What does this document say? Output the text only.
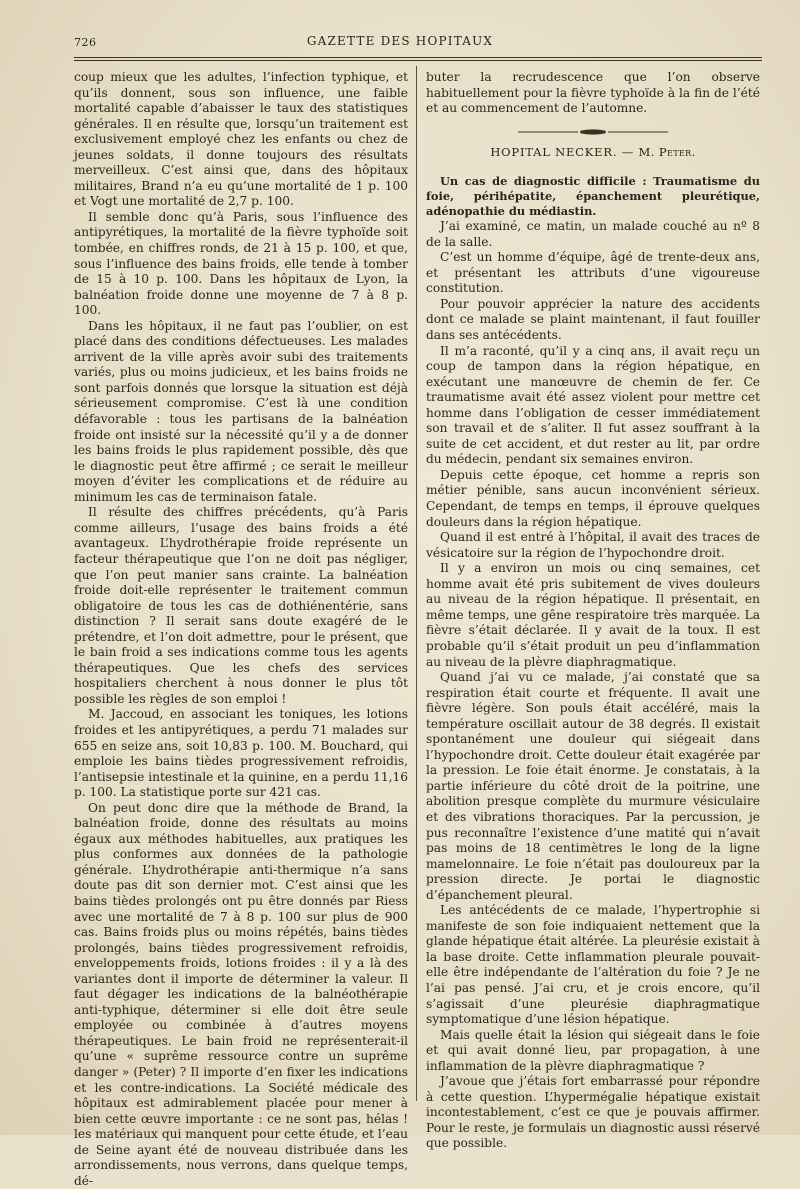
726	GAZETTE DES HOPITAUX

coup mieux que les adultes, l’infection typhique, et qu’ils donnent, sous son influence, une faible mortalité capable d’abaisser le taux des statistiques générales. Il en résulte que, lorsqu’un traitement est exclusivement employé chez les enfants ou chez de jeunes soldats, il donne toujours des résultats merveilleux. C’est ainsi que, dans des hôpitaux militaires, Brand n’a eu qu’une mortalité de 1 p. 100 et Vogt une mortalité de 2,7 p. 100.

Il semble donc qu’à Paris, sous l’influence des antipyrétiques, la mortalité de la fièvre typhoïde soit tombée, en chiffres ronds, de 21 à 15 p. 100, et que, sous l’influence des bains froids, elle tende à tomber de 15 à 10 p. 100. Dans les hôpitaux de Lyon, la balnéation froide donne une moyenne de 7 à 8 p. 100.

Dans les hôpitaux, il ne faut pas l’oublier, on est placé dans des conditions défectueuses. Les malades arrivent de la ville après avoir subi des traitements variés, plus ou moins judicieux, et les bains froids ne sont parfois donnés que lorsque la situation est déjà sérieusement compromise. C’est là une condition défavorable : tous les partisans de la balnéation froide ont insisté sur la nécessité qu’il y a de donner les bains froids le plus rapidement possible, dès que le diagnostic peut être affirmé ; ce serait le meilleur moyen d’éviter les complications et de réduire au minimum les cas de terminaison fatale.

Il résulte des chiffres précédents, qu’à Paris comme ailleurs, l’usage des bains froids a été avantageux. L’hydrothérapie froide représente un facteur thérapeutique que l’on ne doit pas négliger, que l’on peut manier sans crainte. La balnéation froide doit-elle représenter le traitement commun obligatoire de tous les cas de dothiénentérie, sans distinction ? Il serait sans doute exagéré de le prétendre, et l’on doit admettre, pour le présent, que le bain froid a ses indications comme tous les agents thérapeutiques. Que les chefs des services hospitaliers cherchent à nous donner le plus tôt possible les règles de son emploi !

M. Jaccoud, en associant les toniques, les lotions froides et les antipyrétiques, a perdu 71 malades sur 655 en seize ans, soit 10,83 p. 100. M. Bouchard, qui emploie les bains tièdes progressivement refroidis, l’antisepsie intestinale et la quinine, en a perdu 11,16 p. 100. La statistique porte sur 421 cas.

On peut donc dire que la méthode de Brand, la balnéation froide, donne des résultats au moins égaux aux méthodes habituelles, aux pratiques les plus conformes aux données de la pathologie générale. L’hydrothérapie anti-thermique n’a sans doute pas dit son dernier mot. C’est ainsi que les bains tièdes prolongés ont pu être donnés par Riess avec une mortalité de 7 à 8 p. 100 sur plus de 900 cas. Bains froids plus ou moins répétés, bains tièdes prolongés, bains tièdes progressivement refroidis, enveloppements froids, lotions froides : il y a là des variantes dont il importe de déterminer la valeur. Il faut dégager les indications de la balnéothérapie anti-typhique, déterminer si elle doit être seule employée ou combinée à d’autres moyens thérapeutiques. Le bain froid ne représenterait-il qu’une « suprême ressource contre un suprême danger » (Peter) ? Il importe d’en fixer les indications et les contre-indications. La Société médicale des hôpitaux est admirablement placée pour mener à bien cette œuvre importante : ce ne sont pas, hélas ! les matériaux qui manquent pour cette étude, et l’eau de Seine ayant été de nouveau distribuée dans les arrondissements, nous verrons, dans quelque temps, dé-

buter la recrudescence que l’on observe habituellement pour la fièvre typhoïde à la fin de l’été et au commencement de l’automne.

HOPITAL NECKER. — M. Peter.

Un cas de diagnostic difficile : Traumatisme du foie, périhépatite, épanchement pleurétique, adénopathie du médiastin.

J’ai examiné, ce matin, un malade couché au nº 8 de la salle.

C’est un homme d’équipe, âgé de trente-deux ans, et présentant les attributs d’une vigoureuse constitution.

Pour pouvoir apprécier la nature des accidents dont ce malade se plaint maintenant, il faut fouiller dans ses antécédents.

Il m’a raconté, qu’il y a cinq ans, il avait reçu un coup de tampon dans la région hépatique, en exécutant une manœuvre de chemin de fer. Ce traumatisme avait été assez violent pour mettre cet homme dans l’obligation de cesser immédiatement son travail et de s’aliter. Il fut assez souffrant à la suite de cet accident, et dut rester au lit, par ordre du médecin, pendant six semaines environ.

Depuis cette époque, cet homme a repris son métier pénible, sans aucun inconvénient sérieux. Cependant, de temps en temps, il éprouve quelques douleurs dans la région hépatique.

Quand il est entré à l’hôpital, il avait des traces de vésicatoire sur la région de l’hypochondre droit.

Il y a environ un mois ou cinq semaines, cet homme avait été pris subitement de vives douleurs au niveau de la région hépatique. Il présentait, en même temps, une gêne respiratoire très marquée. La fièvre s’était déclarée. Il y avait de la toux. Il est probable qu’il s’était produit un peu d’inflammation au niveau de la plèvre diaphragmatique.

Quand j’ai vu ce malade, j’ai constaté que sa respiration était courte et fréquente. Il avait une fièvre légère. Son pouls était accéléré, mais la température oscillait autour de 38 degrés. Il existait spontanément une douleur qui siégeait dans l’hypochondre droit. Cette douleur était exagérée par la pression. Le foie était énorme. Je constatais, à la partie inférieure du côté droit de la poitrine, une abolition presque complète du murmure vésiculaire et des vibrations thoraciques. Par la percussion, je pus reconnaître l’existence d’une matité qui n’avait pas moins de 18 centimètres le long de la ligne mamelonnaire. Le foie n’était pas douloureux par la pression directe. Je portai le diagnostic d’épanchement pleural.

Les antécédents de ce malade, l’hypertrophie si manifeste de son foie indiquaient nettement que la glande hépatique était altérée. La pleurésie existait à la base droite. Cette inflammation pleurale pouvait-elle être indépendante de l’altération du foie ? Je ne l’ai pas pensé. J’ai cru, et je crois encore, qu’il s’agissait d’une pleurésie diaphragmatique symptomatique d’une lésion hépatique.

Mais quelle était la lésion qui siégeait dans le foie et qui avait donné lieu, par propagation, à une inflammation de la plèvre diaphragmatique ?

J’avoue que j’étais fort embarrassé pour répondre à cette question. L’hypermégalie hépatique existait incontestablement, c’est ce que je pouvais affirmer. Pour le reste, je formulais un diagnostic aussi réservé que possible.
